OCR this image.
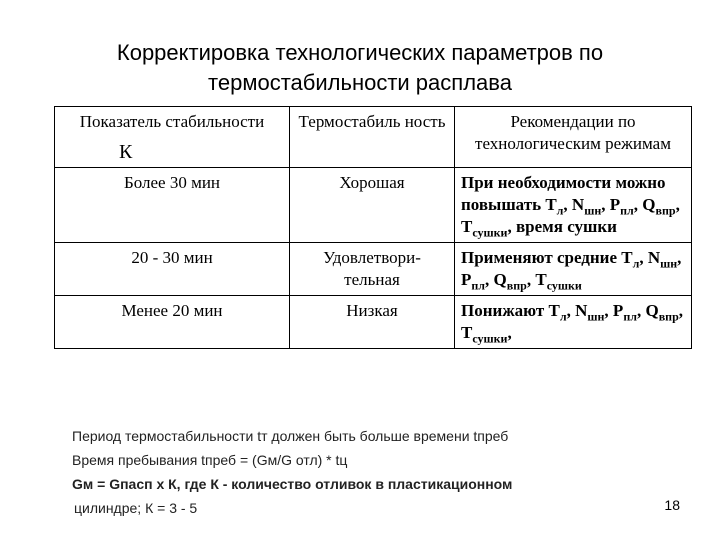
Корректировка технологических параметров по
термостабильности расплава
Показатель стабильности	Термостабиль ность	Рекомендации по технологическим режимам
К		
Более 30 мин	Хорошая	При необходимости можно повышать $Т_л$, $N_{шн}$, $Р_{пл}$, $Q_{впр}$, $Т_{сушки}$, время сушки
20 - 30 мин	Удовлетвори- тельная	Применяют средние $Т_л$, $N_{шн}$, $Р_{пл}$, $Q_{впр}$, $Т_{сушки}$
Менее 20 мин	Низкая	Понижают $Т_л$, $N_{шн}$, $Р_{пл}$, $Q_{впр}$, $Т_{сушки}$,
Период термостабильности tт должен быть больше времени tпреб
Время пребывания tпреб = (Gм/G отл) * tц
Gм = Gпасп х К, где К - количество отливок в пластикационном
цилиндре; К = 3 - 5	18
